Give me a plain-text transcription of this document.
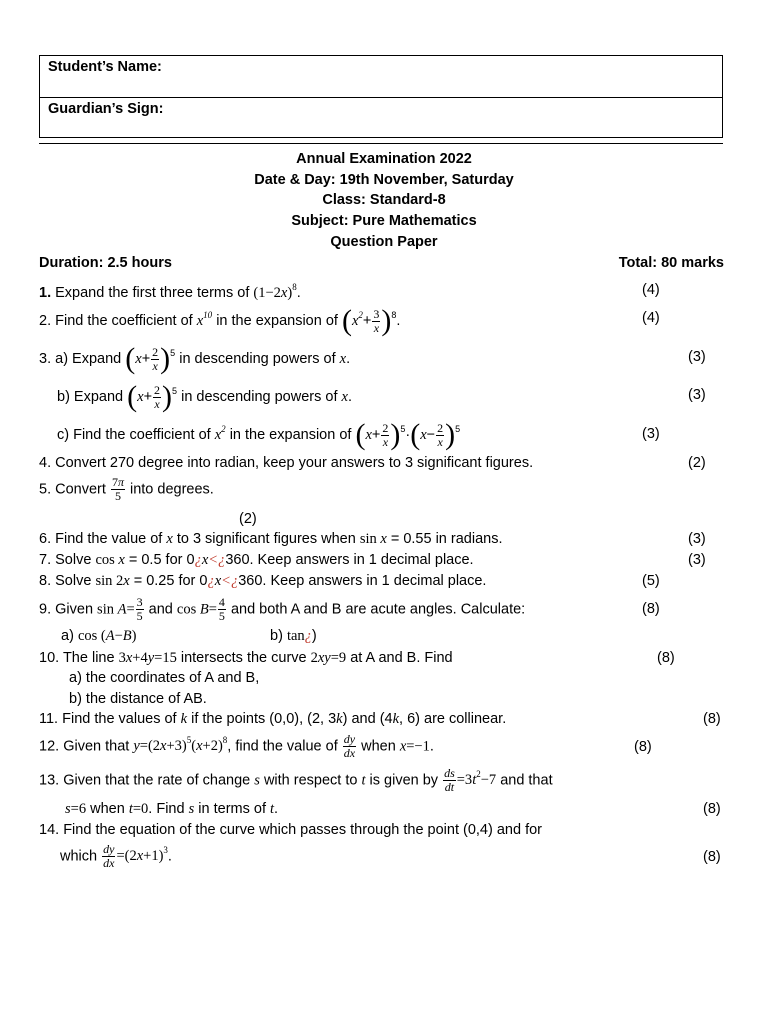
Student’s Name:
Guardian’s Sign:
Annual Examination 2022
Date & Day: 19th November, Saturday
Class: Standard-8
Subject: Pure Mathematics
Question Paper
Duration: 2.5 hours	Total: 80 marks
1. Expand the first three terms of $(1-2x)^8$.	(4)
2. Find the coefficient of $x^{10}$ in the expansion of $(x^2+ \frac{3}{x} )^8$.	(4)
3. a) Expand $(x+ \frac{2}{x} )^5$ in descending powers of x.	(3)
b) Expand $(x+ \frac{2}{x} )^5$ in descending powers of x.	(3)
c) Find the coefficient of $x^2$ in the expansion of $(x+ \frac{2}{x} )^5\cdot(x- \frac{2}{x} )^5$	(3)
4. Convert 270 degree into radian, keep your answers to 3 significant figures.	(2)
5. Convert $\frac{7\pi}{5}$ into degrees.
(2)
6. Find the value of x to 3 significant figures when sin x = 0.55 in radians.	(3)
7. Solve cos x = 0.5 for 0¿x<¿360. Keep answers in 1 decimal place.	(3)
8. Solve sin 2x = 0.25 for 0¿x<¿360. Keep answers in 1 decimal place.	(5)
9. Given $\sin A= \frac{3}{5}$ and $\cos B= \frac{4}{5}$ and both A and B are acute angles. Calculate:	(8)
a) cos (A−B)	b) tan¿)
10. The line 3x+4y=15 intersects the curve 2xy=9 at A and B. Find	(8)
a) the coordinates of A and B,
b) the distance of AB.
11. Find the values of k if the points (0,0), (2, 3k) and (4k, 6) are collinear.	(8)
12. Given that $y=(2x+3)^5(x+2)^8$, find the value of $\frac{dy}{dx}$ when x=−1.	(8)
13. Given that the rate of change s with respect to t is given by $\frac{ds}{dt} =3t^2-7$ and that
s=6 when t=0. Find s in terms of t.	(8)
14. Find the equation of the curve which passes through the point (0,4) and for
which $\frac{dy}{dx} =(2x+1)^3$.	(8)
